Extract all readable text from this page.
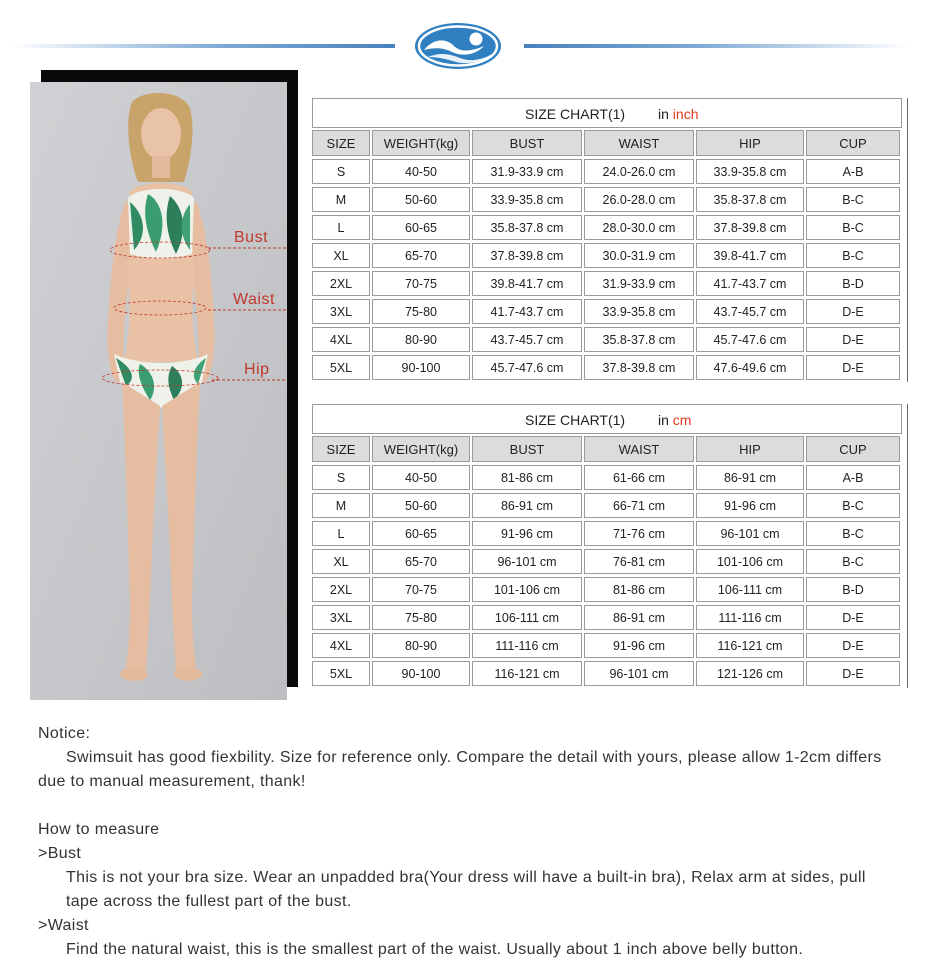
Bust
Waist
Hip
SIZE CHART(1) in inch
SIZE	WEIGHT(kg)	BUST	WAIST	HIP	CUP
S	40-50	31.9-33.9 cm	24.0-26.0 cm	33.9-35.8 cm	A-B
M	50-60	33.9-35.8 cm	26.0-28.0 cm	35.8-37.8 cm	B-C
L	60-65	35.8-37.8 cm	28.0-30.0 cm	37.8-39.8 cm	B-C
XL	65-70	37.8-39.8 cm	30.0-31.9 cm	39.8-41.7 cm	B-C
2XL	70-75	39.8-41.7 cm	31.9-33.9 cm	41.7-43.7 cm	B-D
3XL	75-80	41.7-43.7 cm	33.9-35.8 cm	43.7-45.7 cm	D-E
4XL	80-90	43.7-45.7 cm	35.8-37.8 cm	45.7-47.6 cm	D-E
5XL	90-100	45.7-47.6 cm	37.8-39.8 cm	47.6-49.6 cm	D-E
SIZE CHART(1) in cm
SIZE	WEIGHT(kg)	BUST	WAIST	HIP	CUP
S	40-50	81-86 cm	61-66 cm	86-91 cm	A-B
M	50-60	86-91 cm	66-71 cm	91-96 cm	B-C
L	60-65	91-96 cm	71-76 cm	96-101 cm	B-C
XL	65-70	96-101 cm	76-81 cm	101-106 cm	B-C
2XL	70-75	101-106 cm	81-86 cm	106-111 cm	B-D
3XL	75-80	106-111 cm	86-91 cm	111-116 cm	D-E
4XL	80-90	111-116 cm	91-96 cm	116-121 cm	D-E
5XL	90-100	116-121 cm	96-101 cm	121-126 cm	D-E

Notice:

Swimsuit has good fiexbility. Size for reference only. Compare the detail with yours, please allow 1-2cm differs due to manual measurement, thank!

How to measure

>Bust

This is not your bra size. Wear an unpadded bra(Your dress will have a built-in bra), Relax arm at sides, pull tape across the fullest part of the bust.

>Waist

Find the natural waist, this is the smallest part of the waist. Usually about 1 inch above belly button.
